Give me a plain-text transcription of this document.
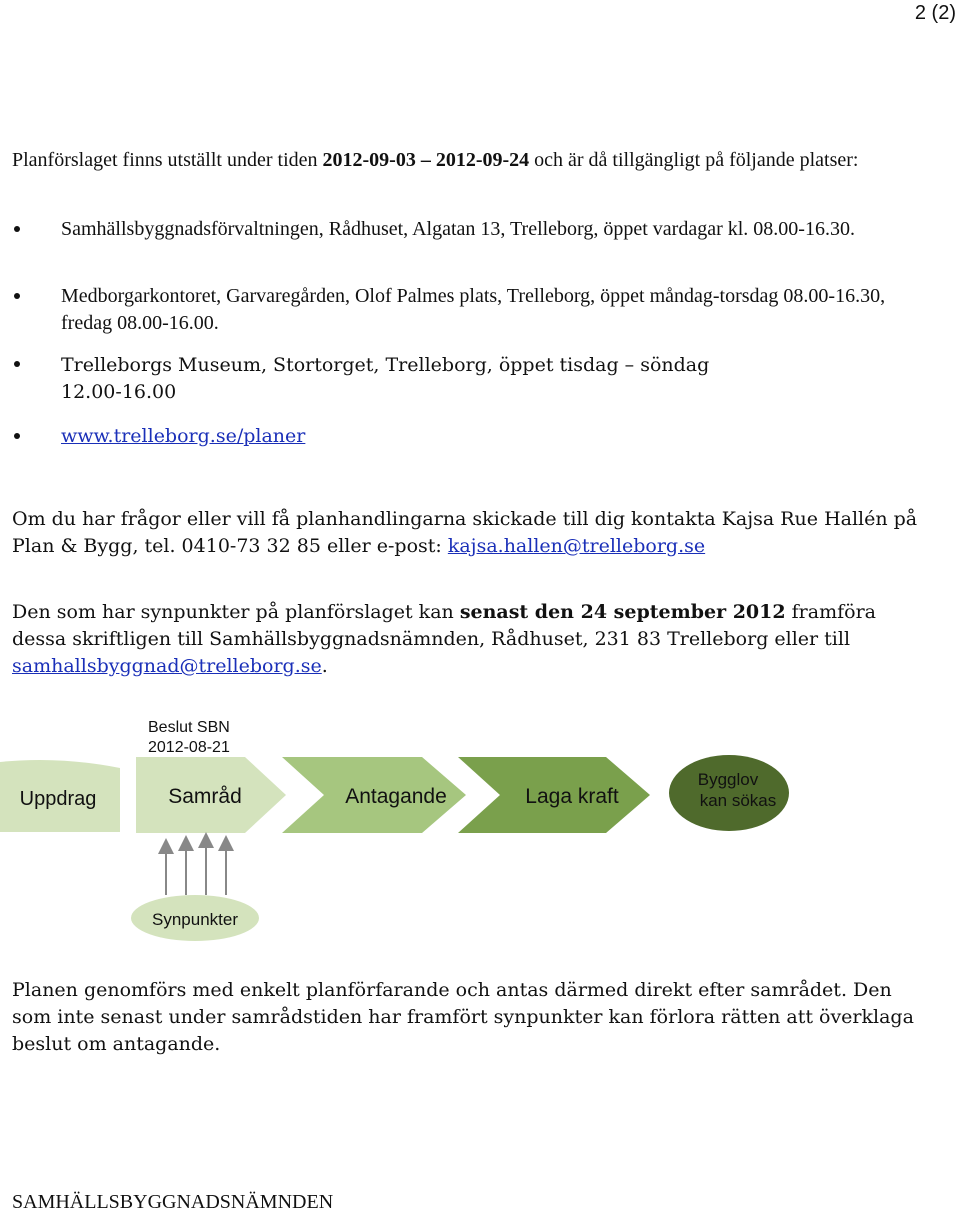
2 (2)
Planförslaget finns utställt under tiden 2012-09-03 – 2012-09-24 och är då tillgängligt på följande platser:
Samhällsbyggnadsförvaltningen, Rådhuset, Algatan 13, Trelleborg, öppet vardagar kl. 08.00-16.30.
Medborgarkontoret, Garvaregården, Olof Palmes plats, Trelleborg, öppet måndag-torsdag 08.00-16.30, fredag 08.00-16.00.
Trelleborgs Museum, Stortorget, Trelleborg, öppet tisdag – söndag 12.00-16.00
www.trelleborg.se/planer
Om du har frågor eller vill få planhandlingarna skickade till dig kontakta Kajsa Rue Hallén på Plan & Bygg, tel. 0410-73 32 85 eller e-post: kajsa.hallen@trelleborg.se
Den som har synpunkter på planförslaget kan senast den 24 september 2012 framföra dessa skriftligen till Samhällsbyggnadsnämnden, Rådhuset, 231 83 Trelleborg eller till samhallsbyggnad@trelleborg.se.
Beslut SBN
2012-08-21
Uppdrag	Samråd	Antagande	Laga kraft
Bygglov
kan sökas
Synpunkter
Planen genomförs med enkelt planförfarande och antas därmed direkt efter samrådet. Den som inte senast under samrådstiden har framfört synpunkter kan förlora rätten att överklaga beslut om antagande.
SAMHÄLLSBYGGNADSNÄMNDEN
